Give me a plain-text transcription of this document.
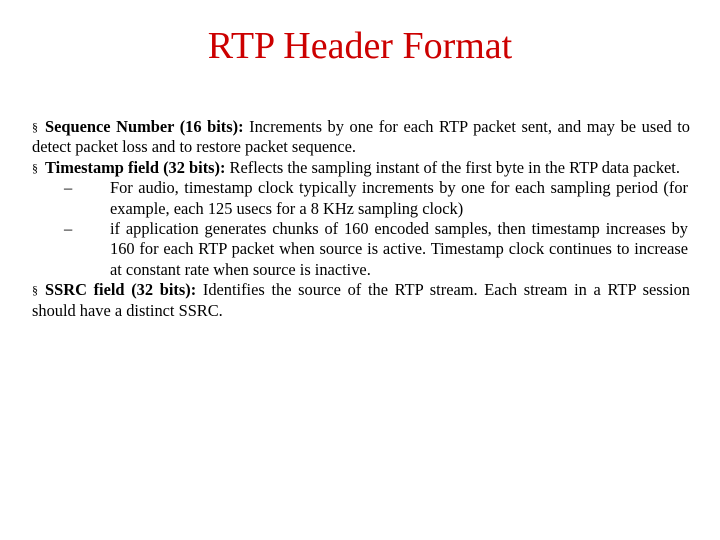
RTP Header Format

§ Sequence Number (16 bits): Increments by one for each RTP packet sent, and may be used to detect packet loss and to restore packet sequence.

§ Timestamp field (32 bits): Reflects the sampling instant of the first byte in the RTP data packet.

– For audio, timestamp clock typically increments by one for each sampling period (for example, each 125 usecs for a 8 KHz sampling clock)

– if application generates chunks of 160 encoded samples, then timestamp increases by 160 for each RTP packet when source is active. Timestamp clock continues to increase at constant rate when source is inactive.

§ SSRC field (32 bits): Identifies the source of the RTP stream. Each stream in a RTP session should have a distinct SSRC.
